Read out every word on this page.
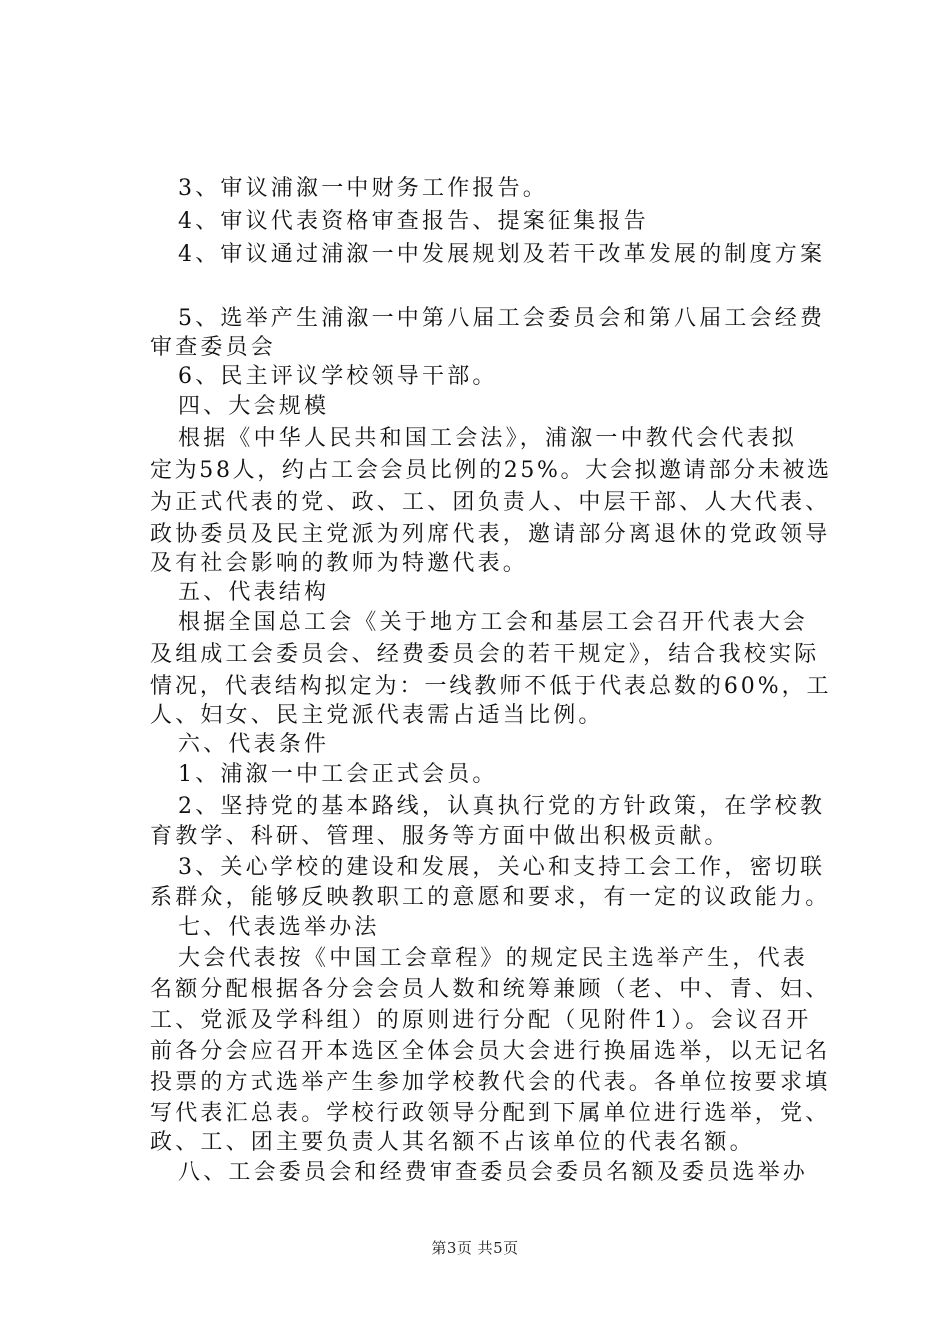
3、审议浦溆一中财务工作报告。
4、审议代表资格审查报告、提案征集报告
4、审议通过浦溆一中发展规划及若干改革发展的制度方案
5、选举产生浦溆一中第八届工会委员会和第八届工会经费
审查委员会
6、民主评议学校领导干部。
四、大会规模
根据《中华人民共和国工会法》，浦溆一中教代会代表拟
定为58人，约占工会会员比例的25%。大会拟邀请部分未被选
为正式代表的党、政、工、团负责人、中层干部、人大代表、
政协委员及民主党派为列席代表，邀请部分离退休的党政领导
及有社会影响的教师为特邀代表。
五、代表结构
根据全国总工会《关于地方工会和基层工会召开代表大会
及组成工会委员会、经费委员会的若干规定》，结合我校实际
情况，代表结构拟定为：一线教师不低于代表总数的60%，工
人、妇女、民主党派代表需占适当比例。
六、代表条件
1、浦溆一中工会正式会员。
2、坚持党的基本路线，认真执行党的方针政策，在学校教
育教学、科研、管理、服务等方面中做出积极贡献。
3、关心学校的建设和发展，关心和支持工会工作，密切联
系群众，能够反映教职工的意愿和要求，有一定的议政能力。
七、代表选举办法
大会代表按《中国工会章程》的规定民主选举产生，代表
名额分配根据各分会会员人数和统筹兼顾（老、中、青、妇、
工、党派及学科组）的原则进行分配（见附件1）。会议召开
前各分会应召开本选区全体会员大会进行换届选举，以无记名
投票的方式选举产生参加学校教代会的代表。各单位按要求填
写代表汇总表。学校行政领导分配到下属单位进行选举，党、
政、工、团主要负责人其名额不占该单位的代表名额。
八、工会委员会和经费审查委员会委员名额及委员选举办
第3页 共5页
